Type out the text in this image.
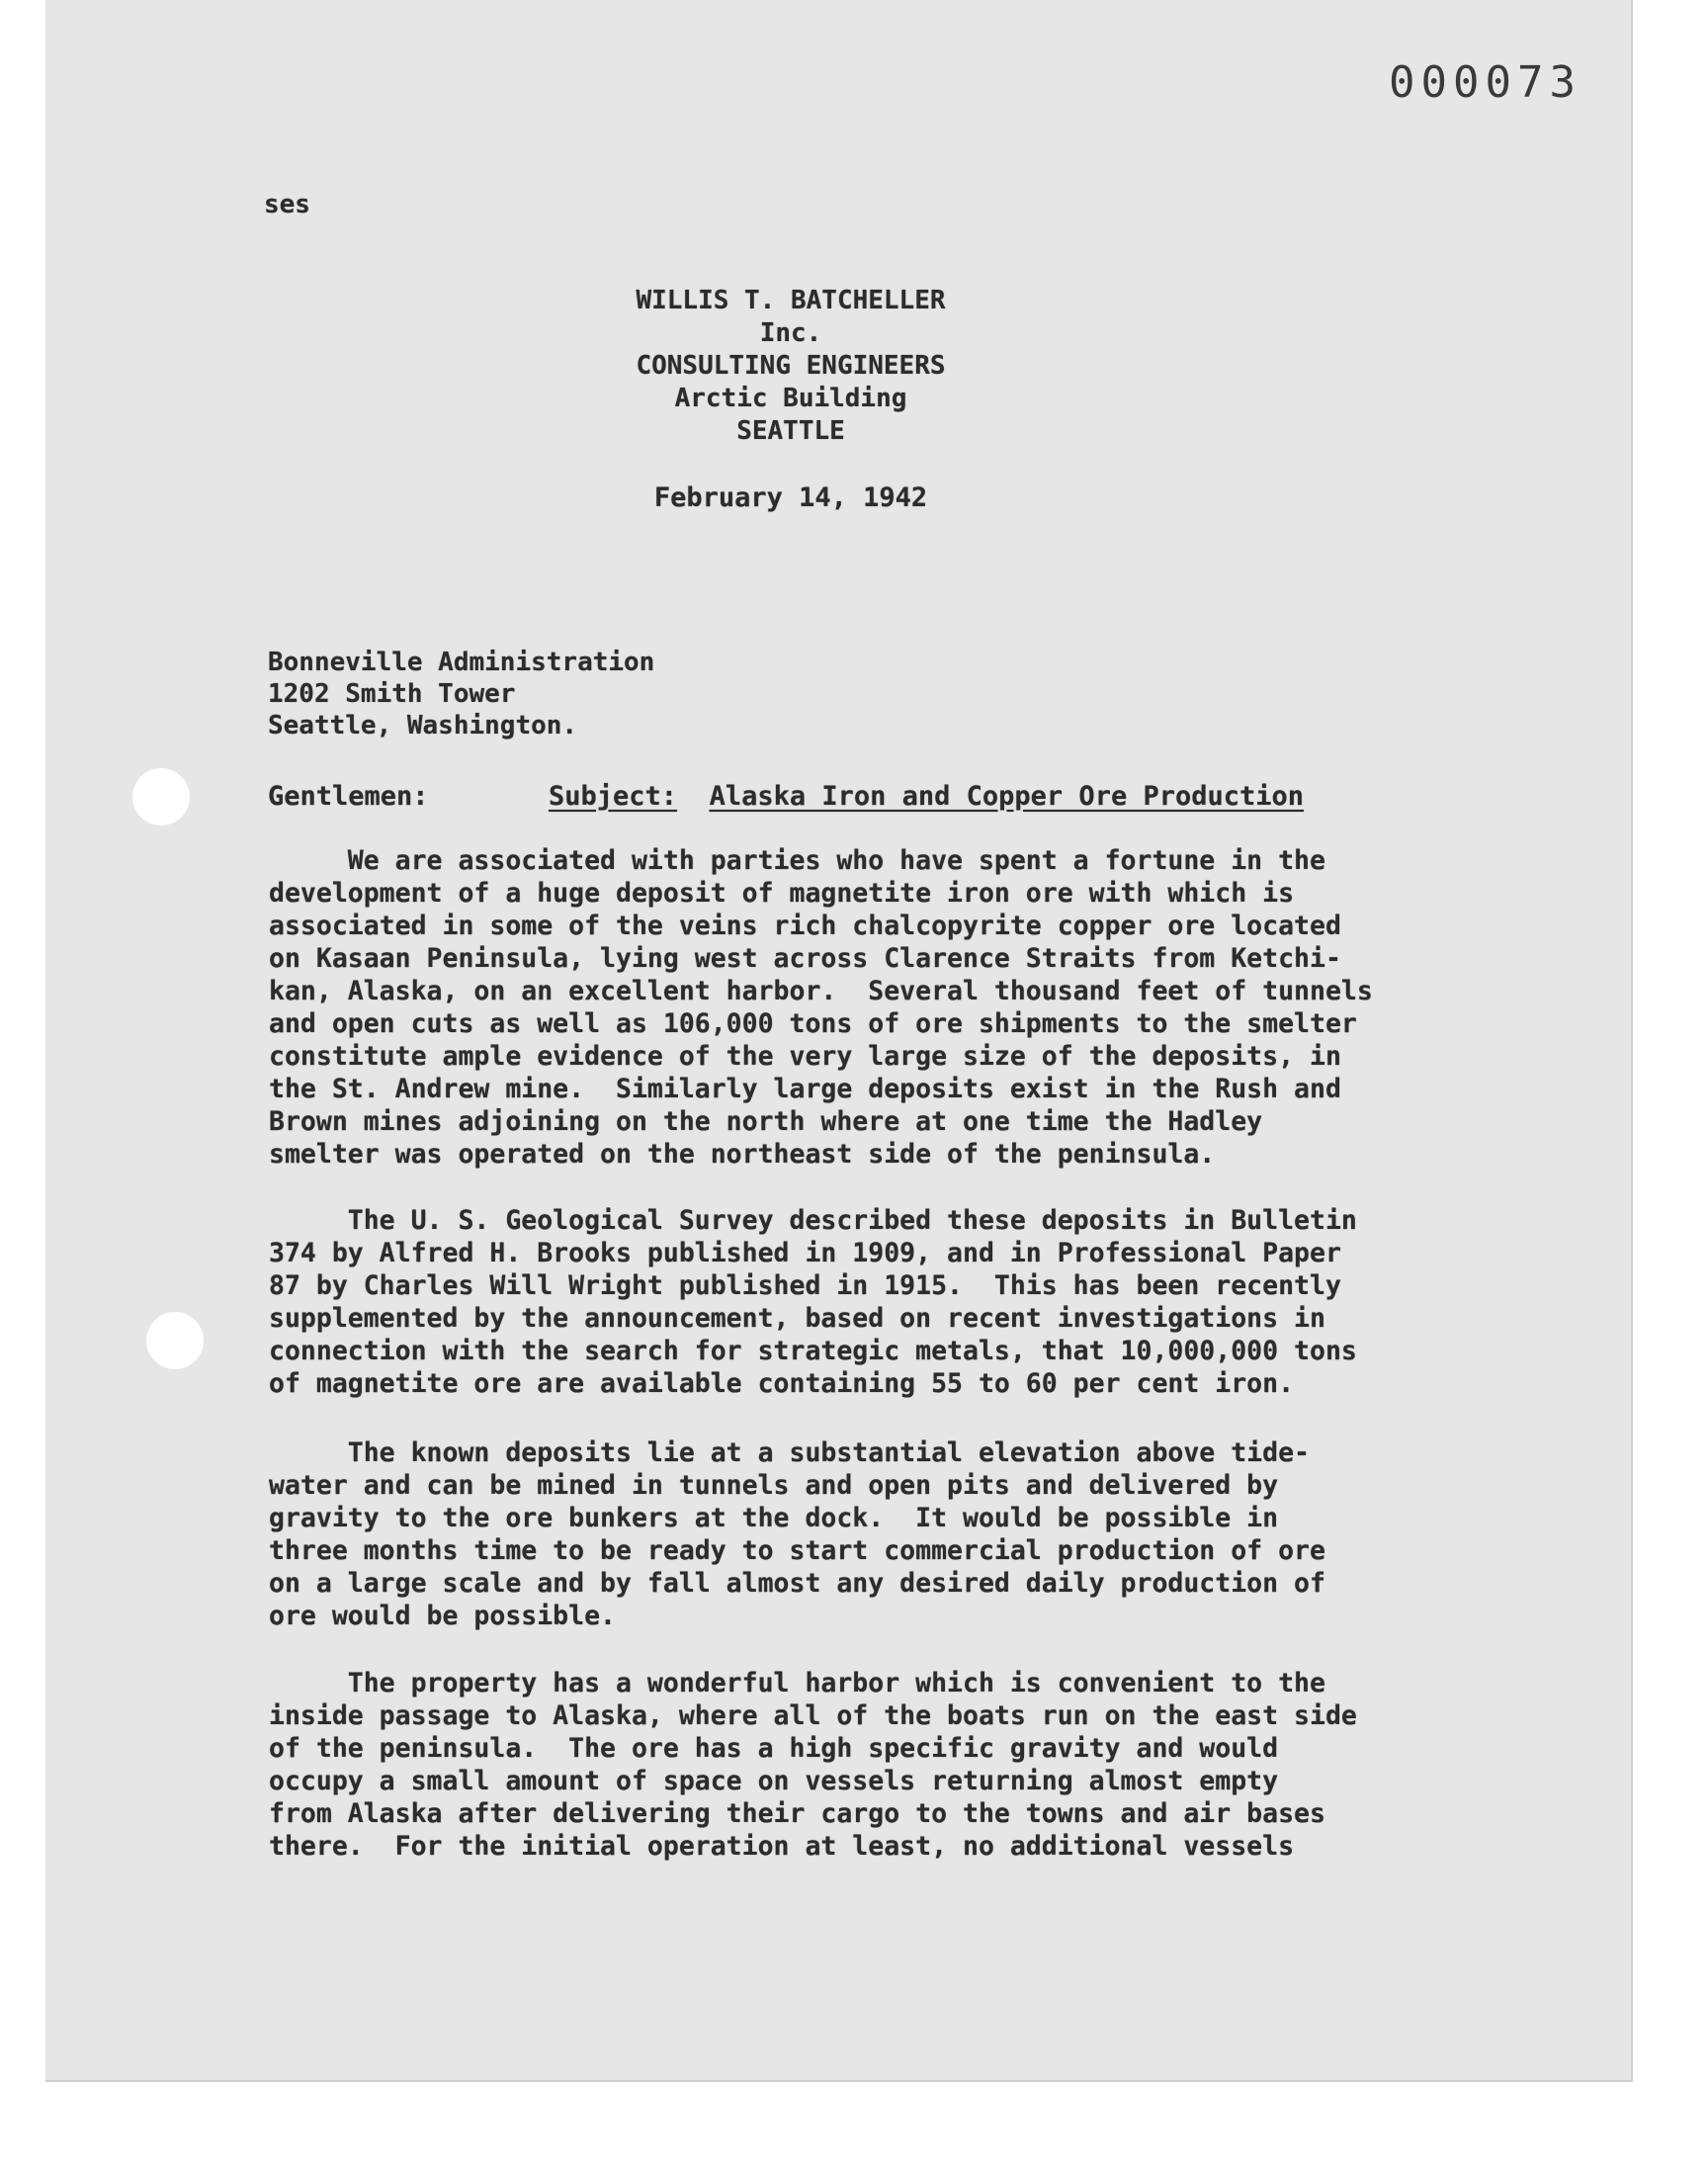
000073
ses
WILLIS T. BATCHELLER
Inc.
CONSULTING ENGINEERS
Arctic Building
SEATTLE
February 14, 1942
Bonneville Administration
1202 Smith Tower
Seattle, Washington.
Gentlemen:	Subject: Alaska Iron and Copper Ore Production
We are associated with parties who have spent a fortune in the
development of a huge deposit of magnetite iron ore with which is
associated in some of the veins rich chalcopyrite copper ore located
on Kasaan Peninsula, lying west across Clarence Straits from Ketchi-
kan, Alaska, on an excellent harbor.  Several thousand feet of tunnels
and open cuts as well as 106,000 tons of ore shipments to the smelter
constitute ample evidence of the very large size of the deposits, in
the St. Andrew mine.  Similarly large deposits exist in the Rush and
Brown mines adjoining on the north where at one time the Hadley
smelter was operated on the northeast side of the peninsula.
The U. S. Geological Survey described these deposits in Bulletin
374 by Alfred H. Brooks published in 1909, and in Professional Paper
87 by Charles Will Wright published in 1915.  This has been recently
supplemented by the announcement, based on recent investigations in
connection with the search for strategic metals, that 10,000,000 tons
of magnetite ore are available containing 55 to 60 per cent iron.
The known deposits lie at a substantial elevation above tide-
water and can be mined in tunnels and open pits and delivered by
gravity to the ore bunkers at the dock.  It would be possible in
three months time to be ready to start commercial production of ore
on a large scale and by fall almost any desired daily production of
ore would be possible.
The property has a wonderful harbor which is convenient to the
inside passage to Alaska, where all of the boats run on the east side
of the peninsula.  The ore has a high specific gravity and would
occupy a small amount of space on vessels returning almost empty
from Alaska after delivering their cargo to the towns and air bases
there.  For the initial operation at least, no additional vessels
